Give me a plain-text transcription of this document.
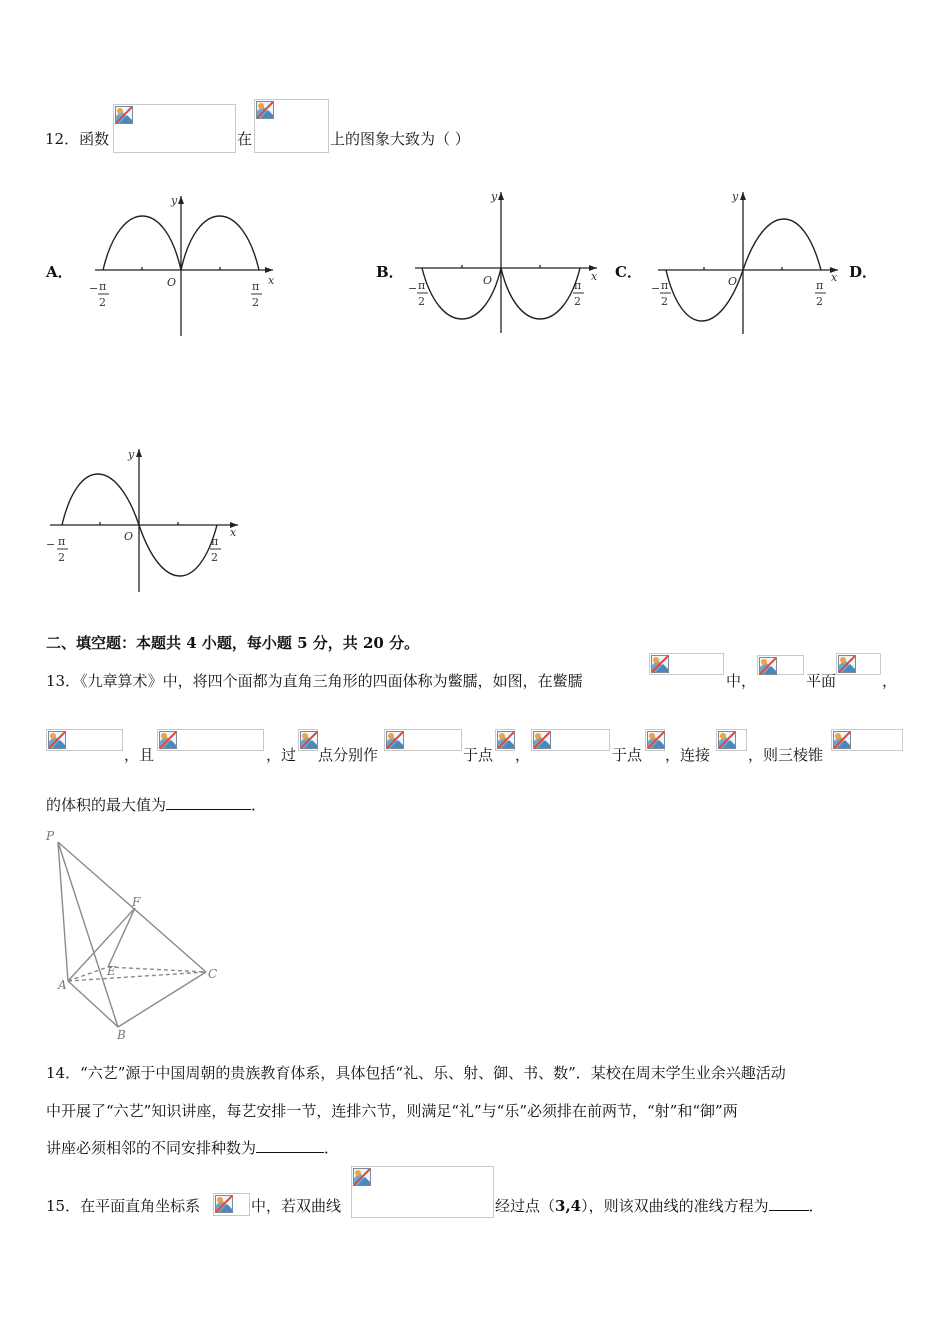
12．函数	在	上的图象大致为（ ）
A．	B．	C．	D．
y
x
O
− π
2
π
2
y
x
O
− π
2
π
2
y
x
O
− π
2
π
2
y
x
O
− π
2
π
2
二、填空题：本题共 4 小题，每小题 5 分，共 20 分。
13．《九章算术》中，将四个面都为直角三角形的四面体称为鳖臑，如图，在鳖臑	中，	平面	，
，且	，过 点分别作	于点 ，	于点 ，连接	，则三棱锥
的体积的最大值为	．
P
F
E
A
B
C
14．“六艺”源于中国周朝的贵族教育体系，具体包括“礼、乐、射、御、书、数”．某校在周末学生业余兴趣活动
中开展了“六艺”知识讲座，每艺安排一节，连排六节，则满足“礼”与“乐”必须排在前两节，“射”和“御”两
讲座必须相邻的不同安排种数为	．
15．在平面直角坐标系	中，若双曲线	经过点（3,4），则该双曲线的准线方程为	．
